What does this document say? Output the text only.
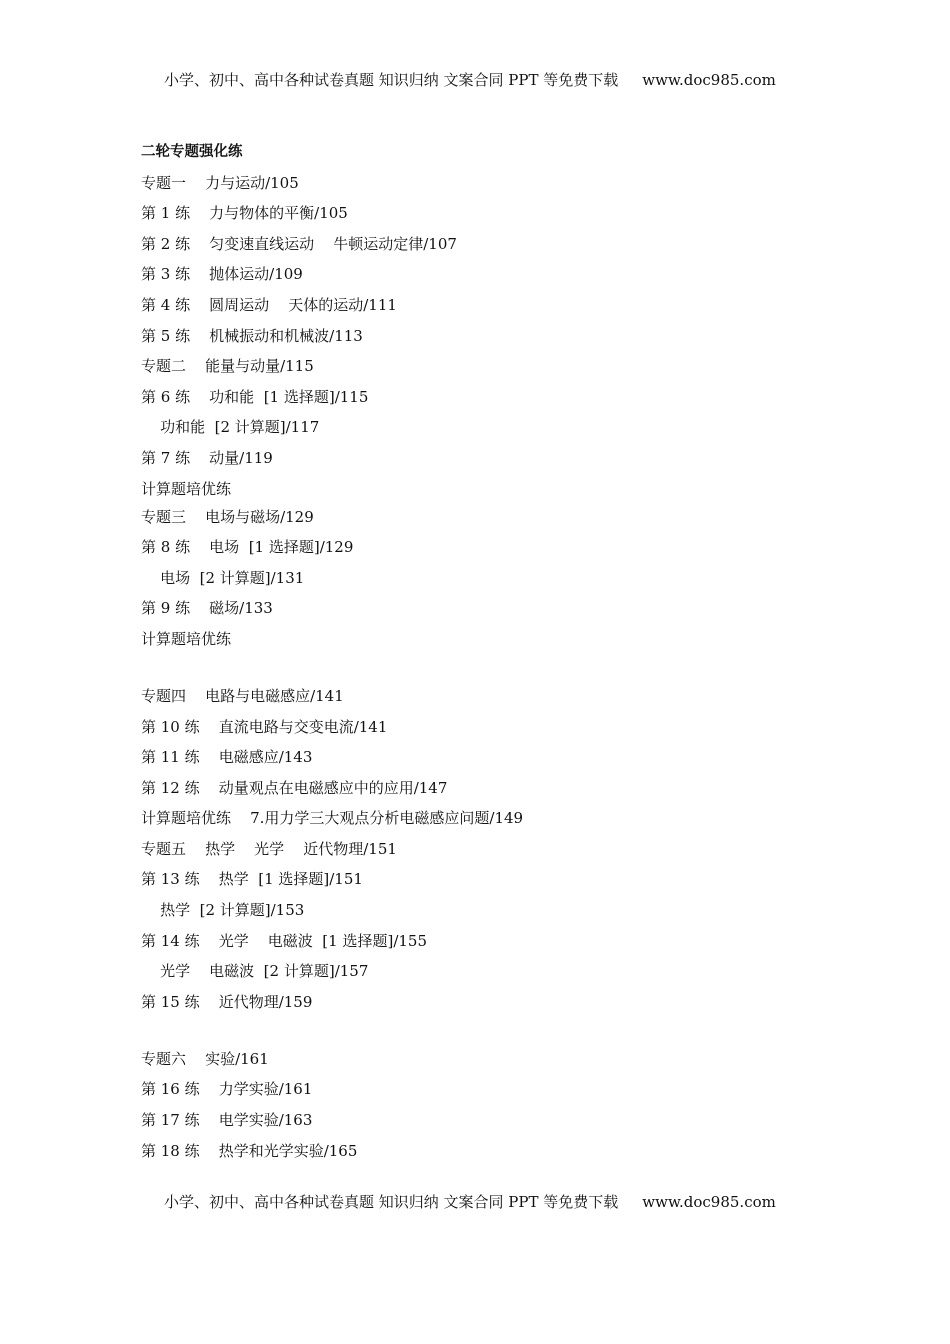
小学、初中、高中各种试卷真题 知识归纳 文案合同 PPT 等免费下载 www.doc985.com
二轮专题强化练
专题一    力与运动/105
第 1 练    力与物体的平衡/105
第 2 练    匀变速直线运动    牛顿运动定律/107
第 3 练    抛体运动/109
第 4 练    圆周运动    天体的运动/111
第 5 练    机械振动和机械波/113
专题二    能量与动量/115
第 6 练    功和能  [1 选择题]/115
功和能  [2 计算题]/117
第 7 练    动量/119
计算题培优练
专题三    电场与磁场/129
第 8 练    电场  [1 选择题]/129
电场  [2 计算题]/131
第 9 练    磁场/133
计算题培优练
专题四    电路与电磁感应/141
第 10 练    直流电路与交变电流/141
第 11 练    电磁感应/143
第 12 练    动量观点在电磁感应中的应用/147
计算题培优练    7.用力学三大观点分析电磁感应问题/149
专题五    热学    光学    近代物理/151
第 13 练    热学  [1 选择题]/151
热学  [2 计算题]/153
第 14 练    光学    电磁波  [1 选择题]/155
光学    电磁波  [2 计算题]/157
第 15 练    近代物理/159
专题六    实验/161
第 16 练    力学实验/161
第 17 练    电学实验/163
第 18 练    热学和光学实验/165
小学、初中、高中各种试卷真题 知识归纳 文案合同 PPT 等免费下载 www.doc985.com
